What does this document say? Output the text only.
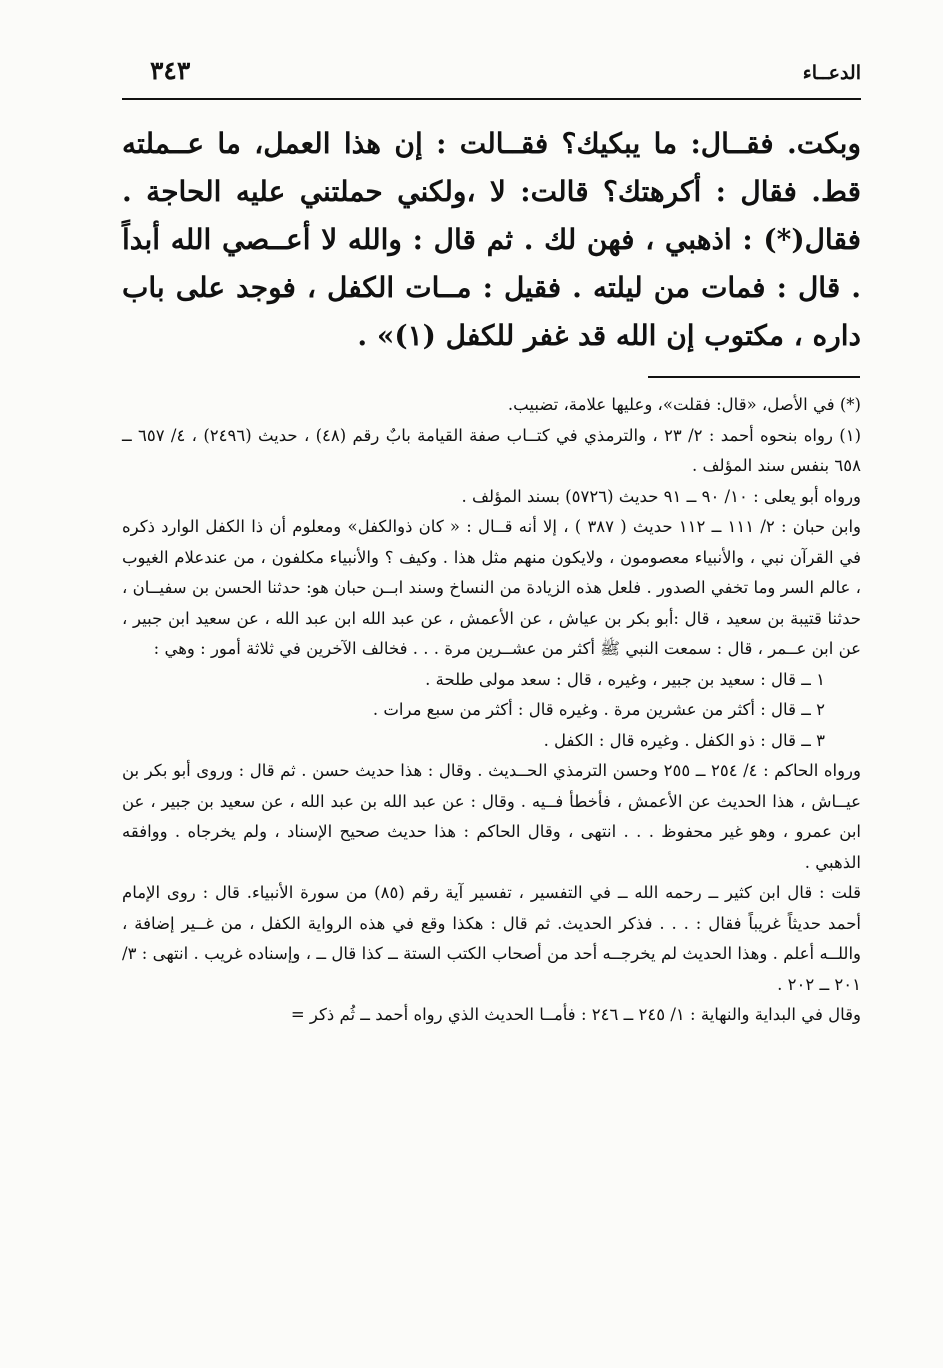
الدعــاء
٣٤٣

وبكت. فقــال: ما يبكيك؟ فقــالت : إن هذا العمل، ما عــملته قط. فقال : أكرهتك؟ قالت: لا ،ولكني حملتني عليه الحاجة . فقال(*) : اذهبي ، فهن لك . ثم قال : والله لا أعــصي الله أبداً . قال : فمات من ليلته . فقيل : مــات الكفل ، فوجد على باب داره ، مكتوب إن الله قد غفر للكفل (١)» .

(*) في الأصل، «قال: فقلت»، وعليها علامة، تضبيب.

(١) رواه بنحوه أحمد : ٢/ ٢٣ ، والترمذي في كتــاب صفة القيامة بابٌ رقم (٤٨) ، حديث (٢٤٩٦) ، ٤/ ٦٥٧ ــ ٦٥٨ بنفس سند المؤلف .

ورواه أبو يعلى : ١٠/ ٩٠ ــ ٩١ حديث (٥٧٢٦) بسند المؤلف .

وابن حبان : ٢/ ١١١ ــ ١١٢ حديث ( ٣٨٧ ) ، إلا أنه قــال : « كان ذوالكفل» ومعلوم أن ذا الكفل الوارد ذكره في القرآن نبي ، والأنبياء معصومون ، ولايكون منهم مثل هذا . وكيف ؟ والأنبياء مكلفون ، من عندعلام الغيوب ، عالم السر وما تخفي الصدور . فلعل هذه الزيادة من النساخ وسند ابــن حبان هو: حدثنا الحسن بن سفيــان ، حدثنا قتيبة بن سعيد ، قال :أبو بكر بن عياش ، عن الأعمش ، عن عبد الله ابن عبد الله ، عن سعيد ابن جبير ، عن ابن عــمر ، قال : سمعت النبي ﷺ أكثر من عشــرين مرة . . . فخالف الآخرين في ثلاثة أمور : وهي :

١ ــ قال : سعيد بن جبير ، وغيره ، قال : سعد مولى طلحة .

٢ ــ قال : أكثر من عشرين مرة . وغيره قال : أكثر من سبع مرات .

٣ ــ قال : ذو الكفل . وغيره قال : الكفل .

ورواه الحاكم : ٤/ ٢٥٤ ــ ٢٥٥ وحسن الترمذي الحــديث . وقال : هذا حديث حسن . ثم قال : وروى أبو بكر بن عيــاش ، هذا الحديث عن الأعمش ، فأخطأ فــيه . وقال : عن عبد الله بن عبد الله ، عن سعيد بن جبير ، عن ابن عمرو ، وهو غير محفوظ . . . انتهى ، وقال الحاكم : هذا حديث صحيح الإسناد ، ولم يخرجاه . ووافقه الذهبي .

قلت : قال ابن كثير ــ رحمه الله ــ في التفسير ، تفسير آية رقم (٨٥) من سورة الأنبياء. قال : روى الإمام أحمد حديثاً غريباً فقال : . . . فذكر الحديث. ثم قال : هكذا وقع في هذه الرواية الكفل ، من غــير إضافة ، واللــه أعلم . وهذا الحديث لم يخرجــه أحد من أصحاب الكتب الستة ــ كذا قال ــ ، وإسناده غريب . انتهى : ٣/ ٢٠١ ــ ٢٠٢ .

وقال في البداية والنهاية : ١/ ٢٤٥ ــ ٢٤٦ : فأمــا الحديث الذي رواه أحمد ــ ثُم ذكر =
